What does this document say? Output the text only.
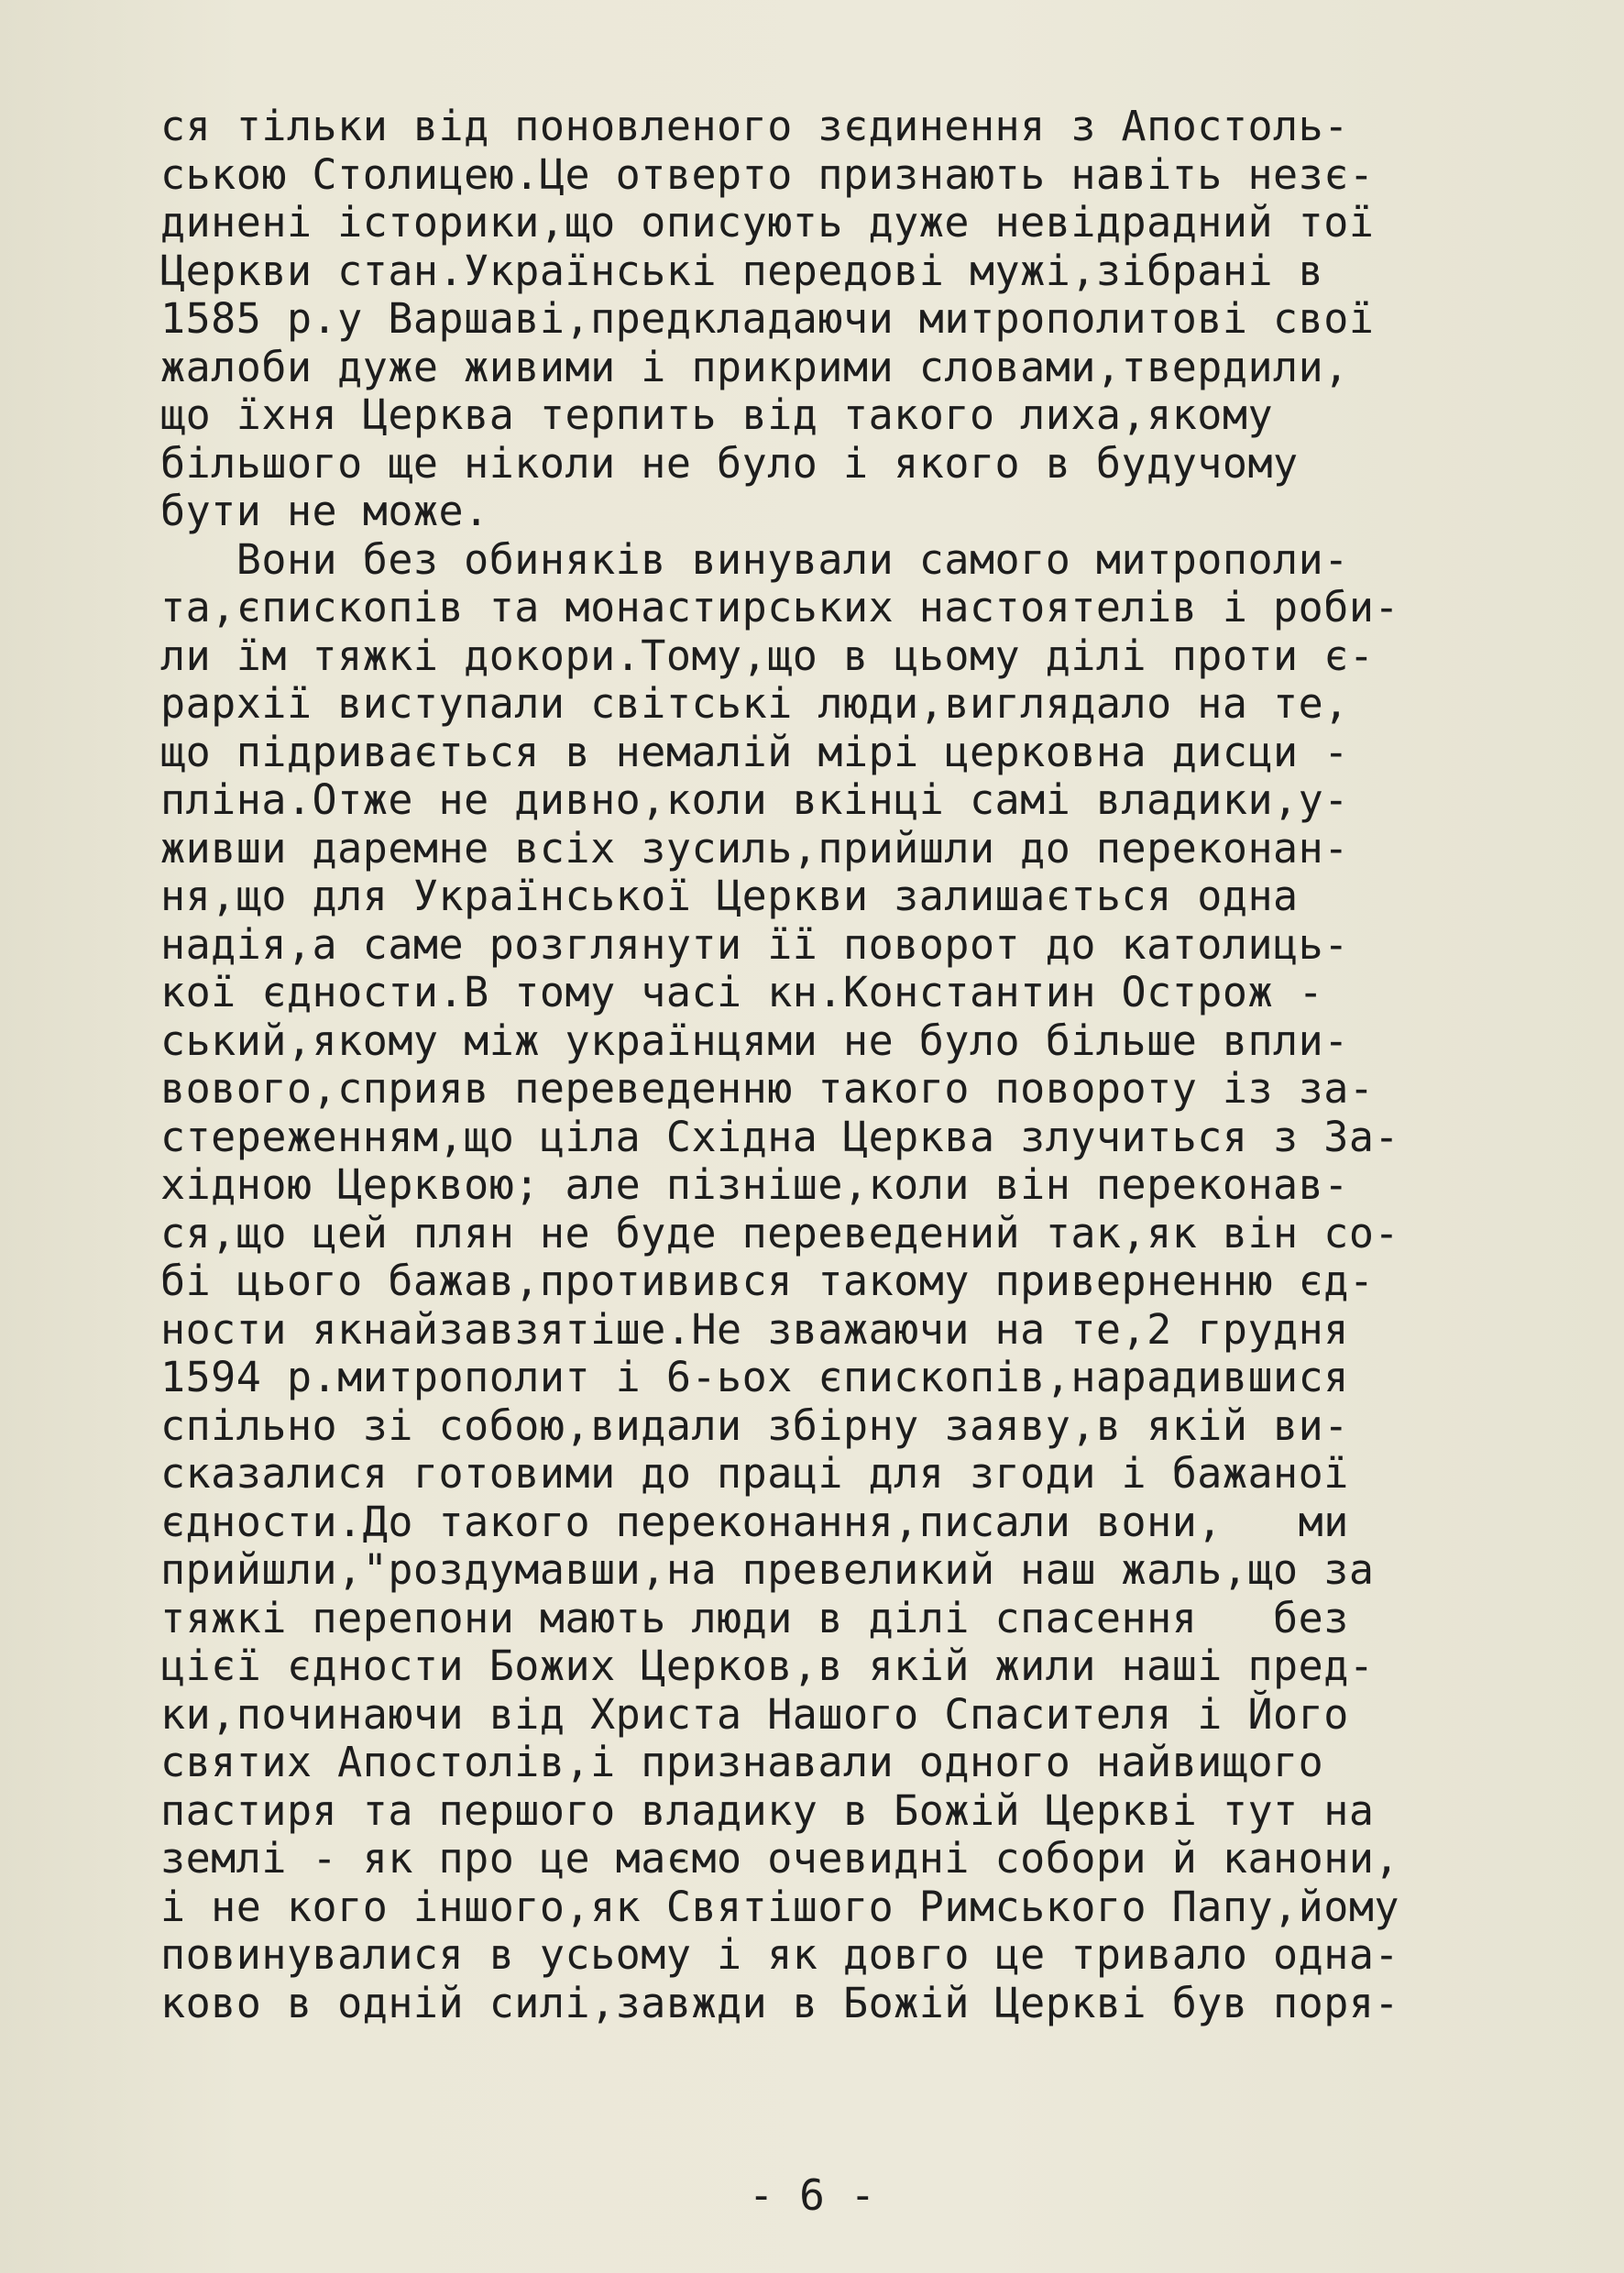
ся тільки від поновленого зєдинення з Апостоль-
ською Столицею.Це отверто признають навіть незє-
динені історики,що описують дуже невідрадний тої
Церкви стан.Українські передові мужі,зібрані в
1585 р.у Варшаві,предкладаючи митрополитові свої
жалоби дуже живими і прикрими словами,твердили,
що їхня Церква терпить від такого лиха,якому
більшого ще ніколи не було і якого в будучому
бути не може.
Вони без обиняків винували самого митрополи-
та,єпископів та монастирських настоятелів і роби-
ли їм тяжкі докори.Тому,що в цьому ділі проти є-
рархії виступали світські люди,виглядало на те,
що підривається в немалій мірі церковна дисци -
пліна.Отже не дивно,коли вкінці самі владики,у-
живши даремне всіх зусиль,прийшли до переконан-
ня,що для Української Церкви залишається одна
надія,а саме розглянути її поворот до католиць-
кої єдности.В тому часі кн.Константин Острож -
ський,якому між українцями не було більше впли-
вового,сприяв переведенню такого повороту із за-
стереженням,що ціла Східна Церква злучиться з За-
хідною Церквою; але пізніше,коли він переконав-
ся,що цей плян не буде переведений так,як він со-
бі цього бажав,противився такому приверненню єд-
ности якнайзавзятіше.Не зважаючи на те,2 грудня
1594 р.митрополит і 6-ьох єпископів,нарадившися
спільно зі собою,видали збірну заяву,в якій ви-
сказалися готовими до праці для згоди і бажаної
єдности.До такого переконання,писали вони,   ми
прийшли,"роздумавши,на превеликий наш жаль,що за
тяжкі перепони мають люди в ділі спасення   без
цієї єдности Божих Церков,в якій жили наші пред-
ки,починаючи від Христа Нашого Спасителя і Його
святих Апостолів,і признавали одного найвищого
пастиря та першого владику в Божій Церкві тут на
землі - як про це маємо очевидні собори й канони,
і не кого іншого,як Святішого Римського Папу,йому
повинувалися в усьому і як довго це тривало одна-
ково в одній силі,завжди в Божій Церкві був поря-
- 6 -
